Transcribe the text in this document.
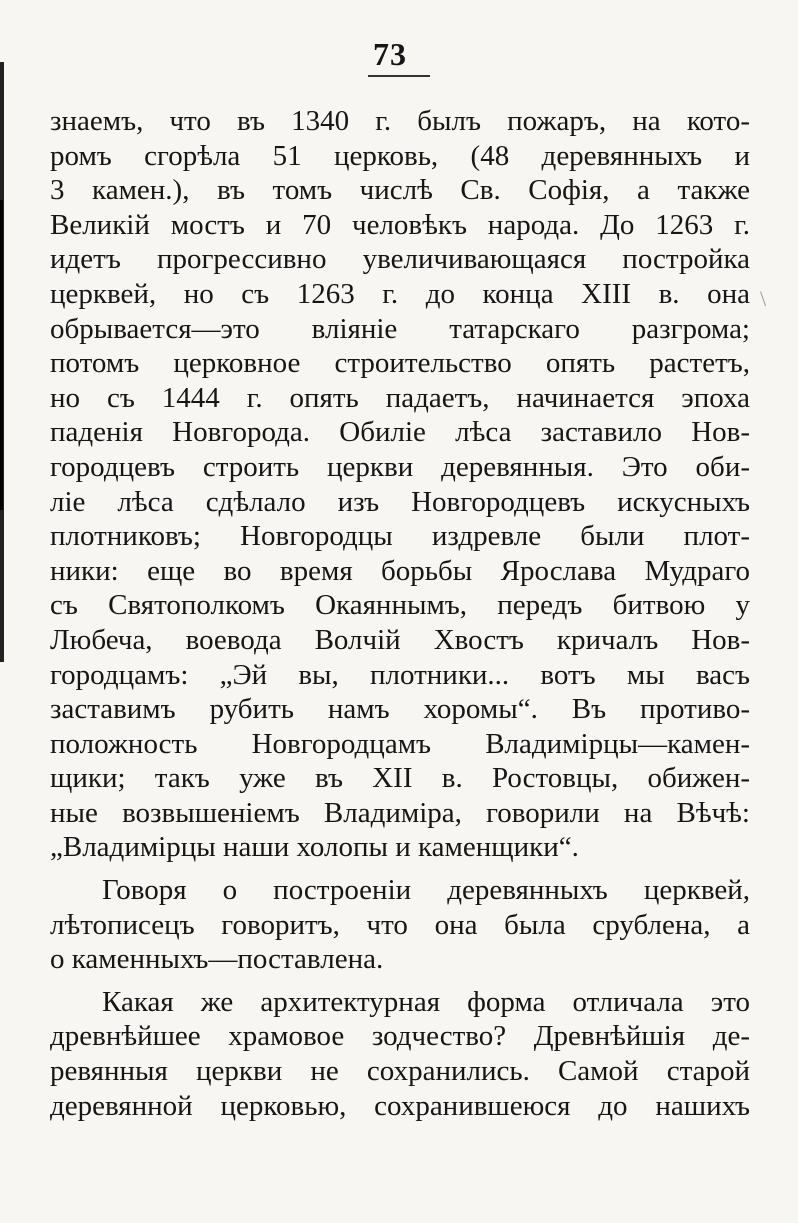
73
\
знаемъ, что въ 1340 г. былъ пожаръ, на кото-
ромъ сгорѣла 51 церковь, (48 деревянныхъ и
3 камен.), въ томъ числѣ Св. Софія, а также
Великій мостъ и 70 человѣкъ народа. До 1263 г.
идетъ прогрессивно увеличивающаяся постройка
церквей, но съ 1263 г. до конца XIII в. она
обрывается—это вліяніе татарскаго разгрома;
потомъ церковное строительство опять растетъ,
но съ 1444 г. опять падаетъ, начинается эпоха
паденія Новгорода. Обиліе лѣса заставило Нов-
городцевъ строить церкви деревянныя. Это оби-
ліе лѣса сдѣлало изъ Новгородцевъ искусныхъ
плотниковъ; Новгородцы издревле были плот-
ники: еще во время борьбы Ярослава Мудраго
съ Святополкомъ Окаяннымъ, передъ битвою у
Любеча, воевода Волчій Хвостъ кричалъ Нов-
городцамъ: „Эй вы, плотники... вотъ мы васъ
заставимъ рубить намъ хоромы“. Въ противо-
положность Новгородцамъ Владимірцы—камен-
щики; такъ уже въ XII в. Ростовцы, обижен-
ные возвышеніемъ Владиміра, говорили на Вѣчѣ:
„Владимірцы наши холопы и каменщики“.
Говоря о построеніи деревянныхъ церквей,
лѣтописецъ говоритъ, что она была срублена, а
о каменныхъ—поставлена.
Какая же архитектурная форма отличала это
древнѣйшее храмовое зодчество? Древнѣйшія де-
ревянныя церкви не сохранились. Самой старой
деревянной церковью, сохранившеюся до нашихъ
